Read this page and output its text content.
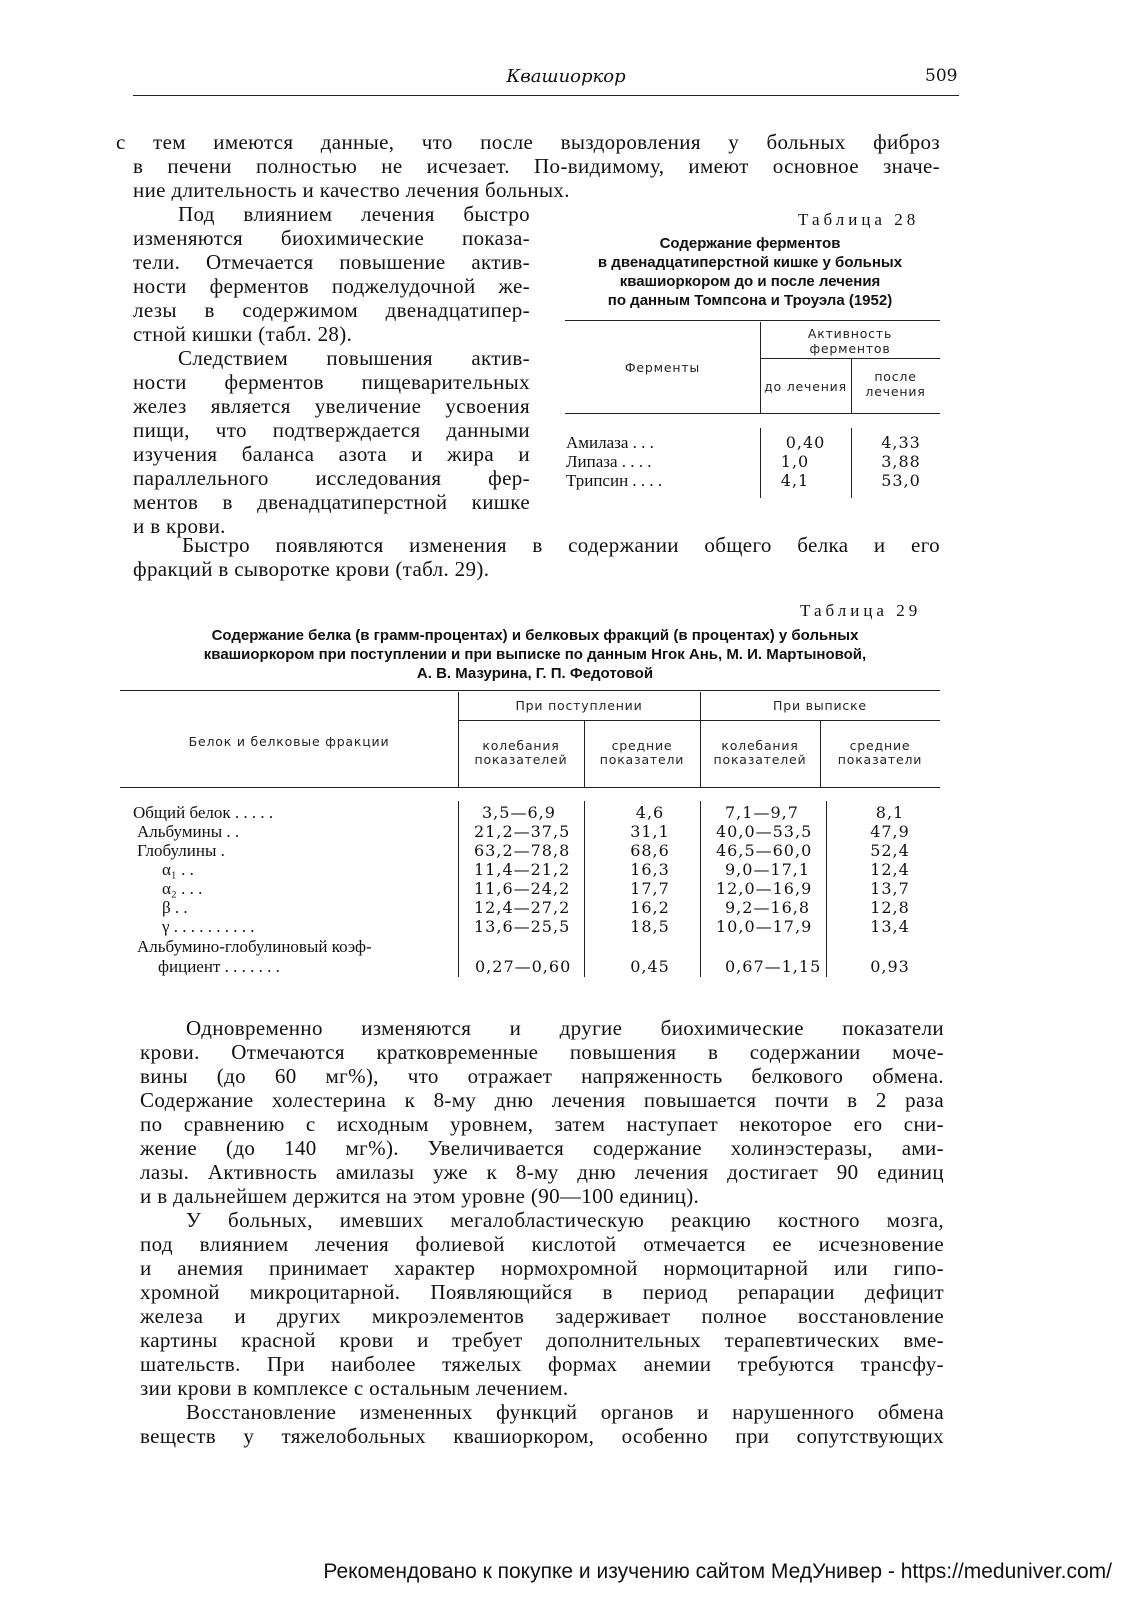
Квашиоркор	509
с тем имеются данные, что после выздоровления у больных фиброз
в печени полностью не исчезает. По-видимому, имеют основное значе-
ние длительность и качество лечения больных.
Под влиянием лечения быстро
изменяются биохимические показа-
тели. Отмечается повышение актив-
ности ферментов поджелудочной же-
лезы в содержимом двенадцатипер-
стной кишки (табл. 28).
Следствием повышения актив-
ности ферментов пищеварительных
желез является увеличение усвоения
пищи, что подтверждается данными
изучения баланса азота и жира и
параллельного исследования фер-
ментов в двенадцатиперстной кишке
и в крови.
Таблица 28
Содержание ферментов
в двенадцатиперстной кишке у больных
квашиоркором до и после лечения
по данным Томпсона и Троуэла (1952)
Ферменты
Активность
ферментов
до лечения
после
лечения
Амилаза . . .	0,40	4,33
Липаза . . . .	1,0	3,88
Трипсин . . . .	4,1	53,0
Быстро появляются изменения в содержании общего белка и его
фракций в сыворотке крови (табл. 29).
Таблица 29
Содержание белка (в грамм-процентах) и белковых фракций (в процентах) у больных
квашиоркором при поступлении и при выписке по данным Нгок Ань, М. И. Мартыновой,
А. В. Мазурина, Г. П. Федотовой
Белок и белковые фракции
При поступлении	При выписке
колебания
показателей
средние
показатели
колебания
показателей
средние
показатели
Общий белок . . . . .	3,5—6,9	4,6	7,1—9,7	8,1
Альбумины . .	21,2—37,5	31,1	40,0—53,5	47,9
Глобулины .	63,2—78,8	68,6	46,5—60,0	52,4
α₁ . .	11,4—21,2	16,3	9,0—17,1	12,4
α₂ . . .	11,6—24,2	17,7	12,0—16,9	13,7
β . .	12,4—27,2	16,2	9,2—16,8	12,8
γ . . . . . . . . . .	13,6—25,5	18,5	10,0—17,9	13,4
Альбумино-глобулиновый коэф-
фициент . . . . . . .	0,27—0,60	0,45	0,67—1,15	0,93
Одновременно изменяются и другие биохимические показатели
крови. Отмечаются кратковременные повышения в содержании моче-
вины (до 60 мг%), что отражает напряженность белкового обмена.
Содержание холестерина к 8-му дню лечения повышается почти в 2 раза
по сравнению с исходным уровнем, затем наступает некоторое его сни-
жение (до 140 мг%). Увеличивается содержание холинэстеразы, ами-
лазы. Активность амилазы уже к 8-му дню лечения достигает 90 единиц
и в дальнейшем держится на этом уровне (90—100 единиц).
У больных, имевших мегалобластическую реакцию костного мозга,
под влиянием лечения фолиевой кислотой отмечается ее исчезновение
и анемия принимает характер нормохромной нормоцитарной или гипо-
хромной микроцитарной. Появляющийся в период репарации дефицит
железа и других микроэлементов задерживает полное восстановление
картины красной крови и требует дополнительных терапевтических вме-
шательств. При наиболее тяжелых формах анемии требуются трансфу-
зии крови в комплексе с остальным лечением.
Восстановление измененных функций органов и нарушенного обмена
веществ у тяжелобольных квашиоркором, особенно при сопутствующих
Рекомендовано к покупке и изучению сайтом МедУнивер - https://meduniver.com/
